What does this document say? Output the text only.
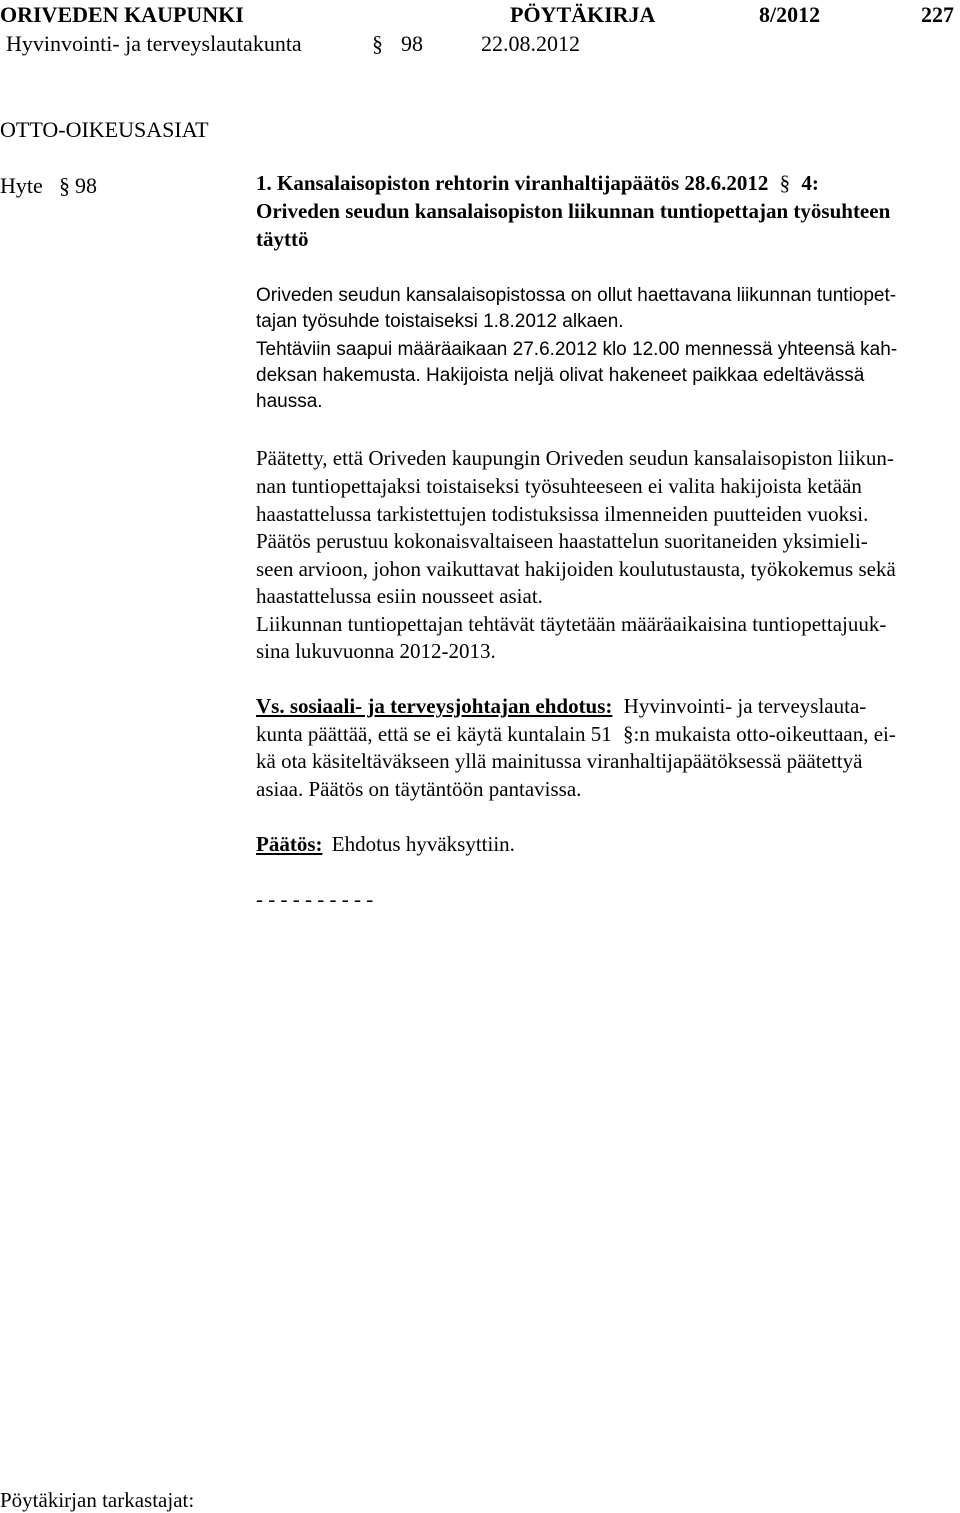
ORIVEDEN KAUPUNKI	PÖYTÄKIRJA	8/2012	227
Hyvinvointi- ja terveyslautakunta	§ 98	22.08.2012
OTTO-OIKEUSASIAT
Hyte § 98	1. Kansalaisopiston rehtorin viranhaltijapäätös 28.6.2012 § 4:
Oriveden seudun kansalaisopiston liikunnan tuntiopettajan työsuhteen
täyttö
Oriveden seudun kansalaisopistossa on ollut haettavana liikunnan tuntiopet-
tajan työsuhde toistaiseksi 1.8.2012 alkaen.
Tehtäviin saapui määräaikaan 27.6.2012 klo 12.00 mennessä yhteensä kah-
deksan hakemusta. Hakijoista neljä olivat hakeneet paikkaa edeltävässä
haussa.
Päätetty, että Oriveden kaupungin Oriveden seudun kansalaisopiston liikun-
nan tuntiopettajaksi toistaiseksi työsuhteeseen ei valita hakijoista ketään
haastattelussa tarkistettujen todistuksissa ilmenneiden puutteiden vuoksi.
Päätös perustuu kokonaisvaltaiseen haastattelun suoritaneiden yksimieli-
seen arvioon, johon vaikuttavat hakijoiden koulutustausta, työkokemus sekä
haastattelussa esiin nousseet asiat.
Liikunnan tuntiopettajan tehtävät täytetään määräaikaisina tuntiopettajuuk-
sina lukuvuonna 2012-2013.
Vs. sosiaali- ja terveysjohtajan ehdotus: Hyvinvointi- ja terveyslauta-
kunta päättää, että se ei käytä kuntalain 51 §:n mukaista otto-oikeuttaan, ei-
kä ota käsiteltäväkseen yllä mainitussa viranhaltijapäätöksessä päätettyä
asiaa. Päätös on täytäntöön pantavissa.
Päätös: Ehdotus hyväksyttiin.
- - - - - - - - - -
Pöytäkirjan tarkastajat:
